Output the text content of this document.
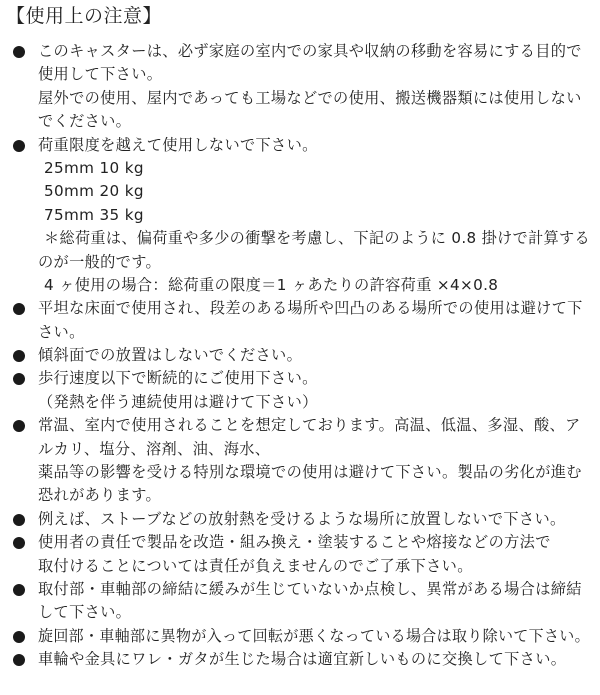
【使用上の注意】
このキャスターは、必ず家庭の室内での家具や収納の移動を容易にする目的で
使用して下さい。
屋外での使用、屋内であっても工場などでの使用、搬送機器類には使用しない
でください。
荷重限度を越えて使用しないで下さい。
25mm 10 kg
50mm 20 kg
75mm 35 kg
＊総荷重は、偏荷重や多少の衝撃を考慮し、下記のように 0.8 掛けで計算する
のが一般的です。
4 ヶ使用の場合：総荷重の限度＝1 ヶあたりの許容荷重 ×4×0.8
平坦な床面で使用され、段差のある場所や凹凸のある場所での使用は避けて下
さい。
傾斜面での放置はしないでください。
歩行速度以下で断続的にご使用下さい。
（発熱を伴う連続使用は避けて下さい）
常温、室内で使用されることを想定しております。高温、低温、多湿、酸、ア
ルカリ、塩分、溶剤、油、海水、
薬品等の影響を受ける特別な環境での使用は避けて下さい。製品の劣化が進む
恐れがあります。
例えば、ストーブなどの放射熱を受けるような場所に放置しないで下さい。
使用者の責任で製品を改造・組み換え・塗装することや熔接などの方法で
取付けることについては責任が負えませんのでご了承下さい。
取付部・車軸部の締結に緩みが生じていないか点検し、異常がある場合は締結
して下さい。
旋回部・車軸部に異物が入って回転が悪くなっている場合は取り除いて下さい。
車輪や金具にワレ・ガタが生じた場合は適宜新しいものに交換して下さい。
